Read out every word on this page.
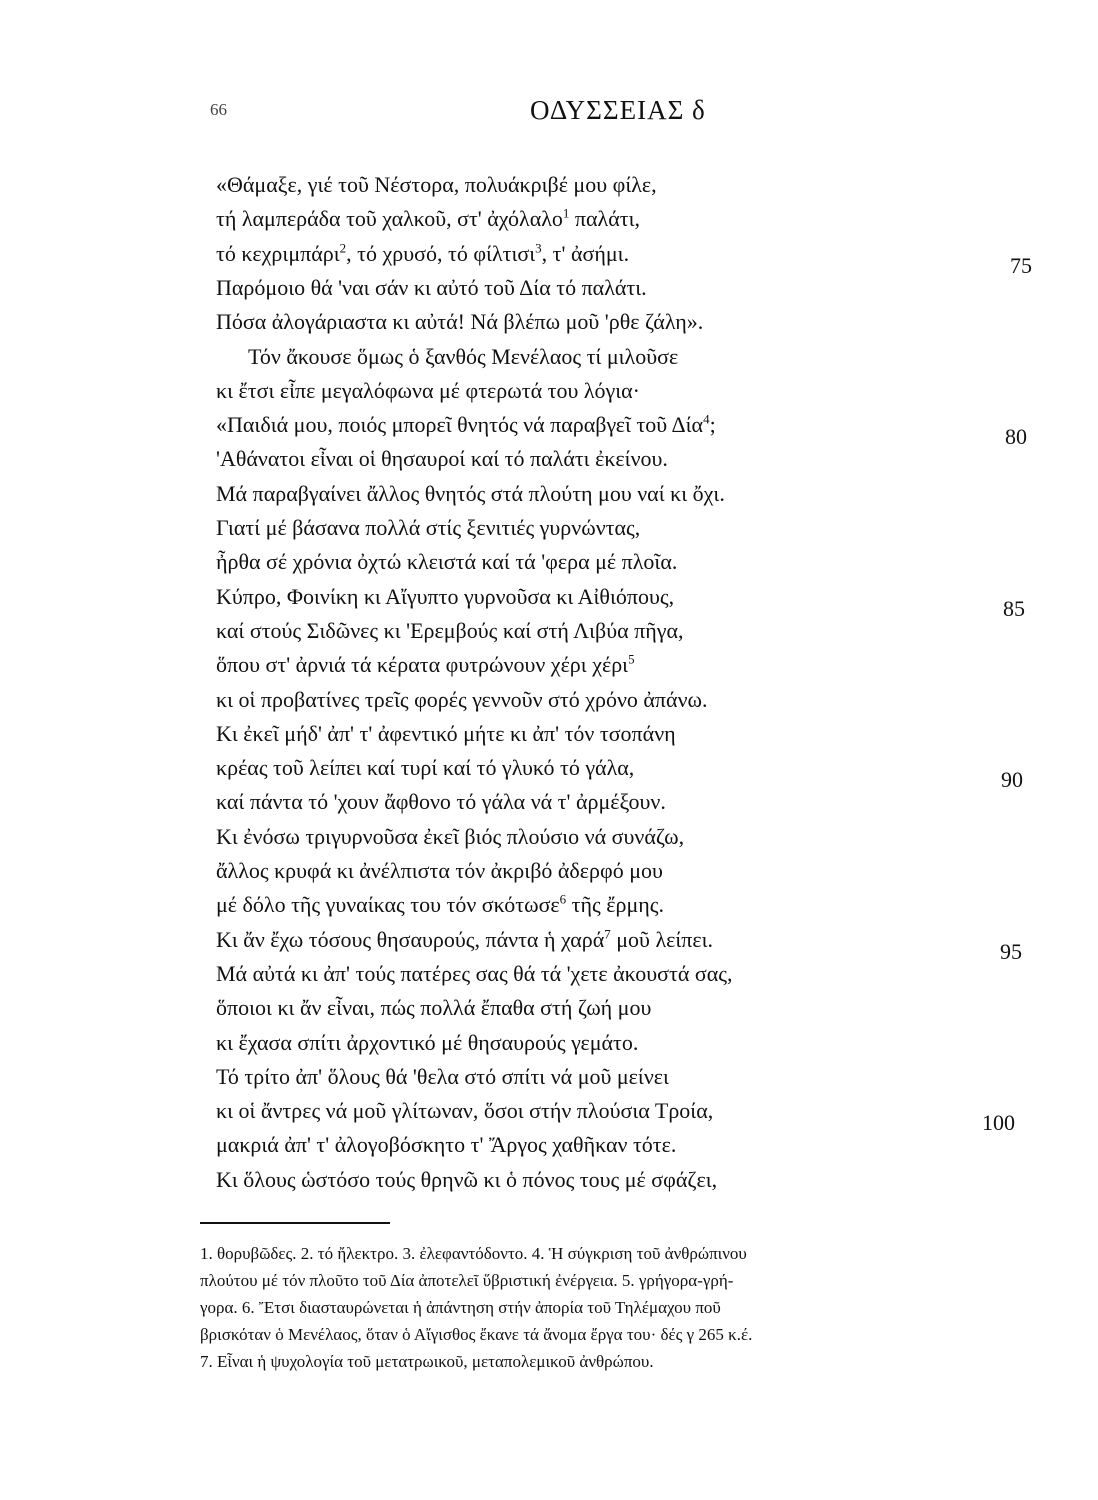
66	ΟΔΥΣΣΕΙΑΣ δ
«Θάμαξε, γιέ τοῦ Νέστορα, πολυάκριβέ μου φίλε,
τή λαμπεράδα τοῦ χαλκοῦ, στ' ἀχόλαλο$^1$ παλάτι,
τό κεχριμπάρι$^2$, τό χρυσό, τό φίλτισι$^3$, τ' ἀσήμι.
Παρόμοιο θά 'ναι σάν κι αὐτό τοῦ Δία τό παλάτι.
Πόσα ἀλογάριαστα κι αὐτά! Νά βλέπω μοῦ 'ρθε ζάλη».
Τόν ἄκουσε ὅμως ὁ ξανθός Μενέλαος τί μιλοῦσε
κι ἔτσι εἶπε μεγαλόφωνα μέ φτερωτά του λόγια·
«Παιδιά μου, ποιός μπορεῖ θνητός νά παραβγεῖ τοῦ Δία$^4$;
'Αθάνατοι εἶναι οἱ θησαυροί καί τό παλάτι ἐκείνου.
Μά παραβγαίνει ἄλλος θνητός στά πλούτη μου ναί κι ὄχι.
Γιατί μέ βάσανα πολλά στίς ξενιτιές γυρνώντας,
ἦρθα σέ χρόνια ὀχτώ κλειστά καί τά 'φερα μέ πλοῖα.
Κύπρο, Φοινίκη κι Αἴγυπτο γυρνοῦσα κι Αἰθιόπους,
καί στούς Σιδῶνες κι 'Ερεμβούς καί στή Λιβύα πῆγα,
ὅπου στ' ἀρνιά τά κέρατα φυτρώνουν χέρι χέρι$^5$
κι οἱ προβατίνες τρεῖς φορές γεννοῦν στό χρόνο ἀπάνω.
Κι ἐκεῖ μήδ' ἀπ' τ' ἀφεντικό μήτε κι ἀπ' τόν τσοπάνη
κρέας τοῦ λείπει καί τυρί καί τό γλυκό τό γάλα,
καί πάντα τό 'χουν ἄφθονο τό γάλα νά τ' ἀρμέξουν.
Κι ἐνόσω τριγυρνοῦσα ἐκεῖ βιός πλούσιο νά συνάζω,
ἄλλος κρυφά κι ἀνέλπιστα τόν ἀκριβό ἀδερφό μου
μέ δόλο τῆς γυναίκας του τόν σκότωσε$^6$ τῆς ἔρμης.
Κι ἄν ἔχω τόσους θησαυρούς, πάντα ἡ χαρά$^7$ μοῦ λείπει.
Μά αὐτά κι ἀπ' τούς πατέρες σας θά τά 'χετε ἀκουστά σας,
ὅποιοι κι ἄν εἶναι, πώς πολλά ἔπαθα στή ζωή μου
κι ἔχασα σπίτι ἀρχοντικό μέ θησαυρούς γεμάτο.
Τό τρίτο ἀπ' ὅλους θά 'θελα στό σπίτι νά μοῦ μείνει
κι οἱ ἄντρες νά μοῦ γλίτωναν, ὅσοι στήν πλούσια Τροία,
μακριά ἀπ' τ' ἀλογοβόσκητο τ' Ἄργος χαθῆκαν τότε.
Κι ὅλους ὡστόσο τούς θρηνῶ κι ὁ πόνος τους μέ σφάζει,
75
80
85
90
95
100
1. θορυβῶδες. 2. τό ἤλεκτρο. 3. ἐλεφαντόδοντο. 4. Ἡ σύγκριση τοῦ ἀνθρώπινου
πλούτου μέ τόν πλοῦτο τοῦ Δία ἀποτελεῖ ὕβριστική ἐνέργεια. 5. γρήγορα-γρή-
γορα. 6. Ἔτσι διασταυρώνεται ἡ ἀπάντηση στήν ἀπορία τοῦ Τηλέμαχου ποῦ
βρισκόταν ὁ Μενέλαος, ὅταν ὁ Αἴγισθος ἔκανε τά ἄνομα ἔργα του· δές γ 265 κ.έ.
7. Εἶναι ἡ ψυχολογία τοῦ μετατρωικοῦ, μεταπολεμικοῦ ἀνθρώπου.
